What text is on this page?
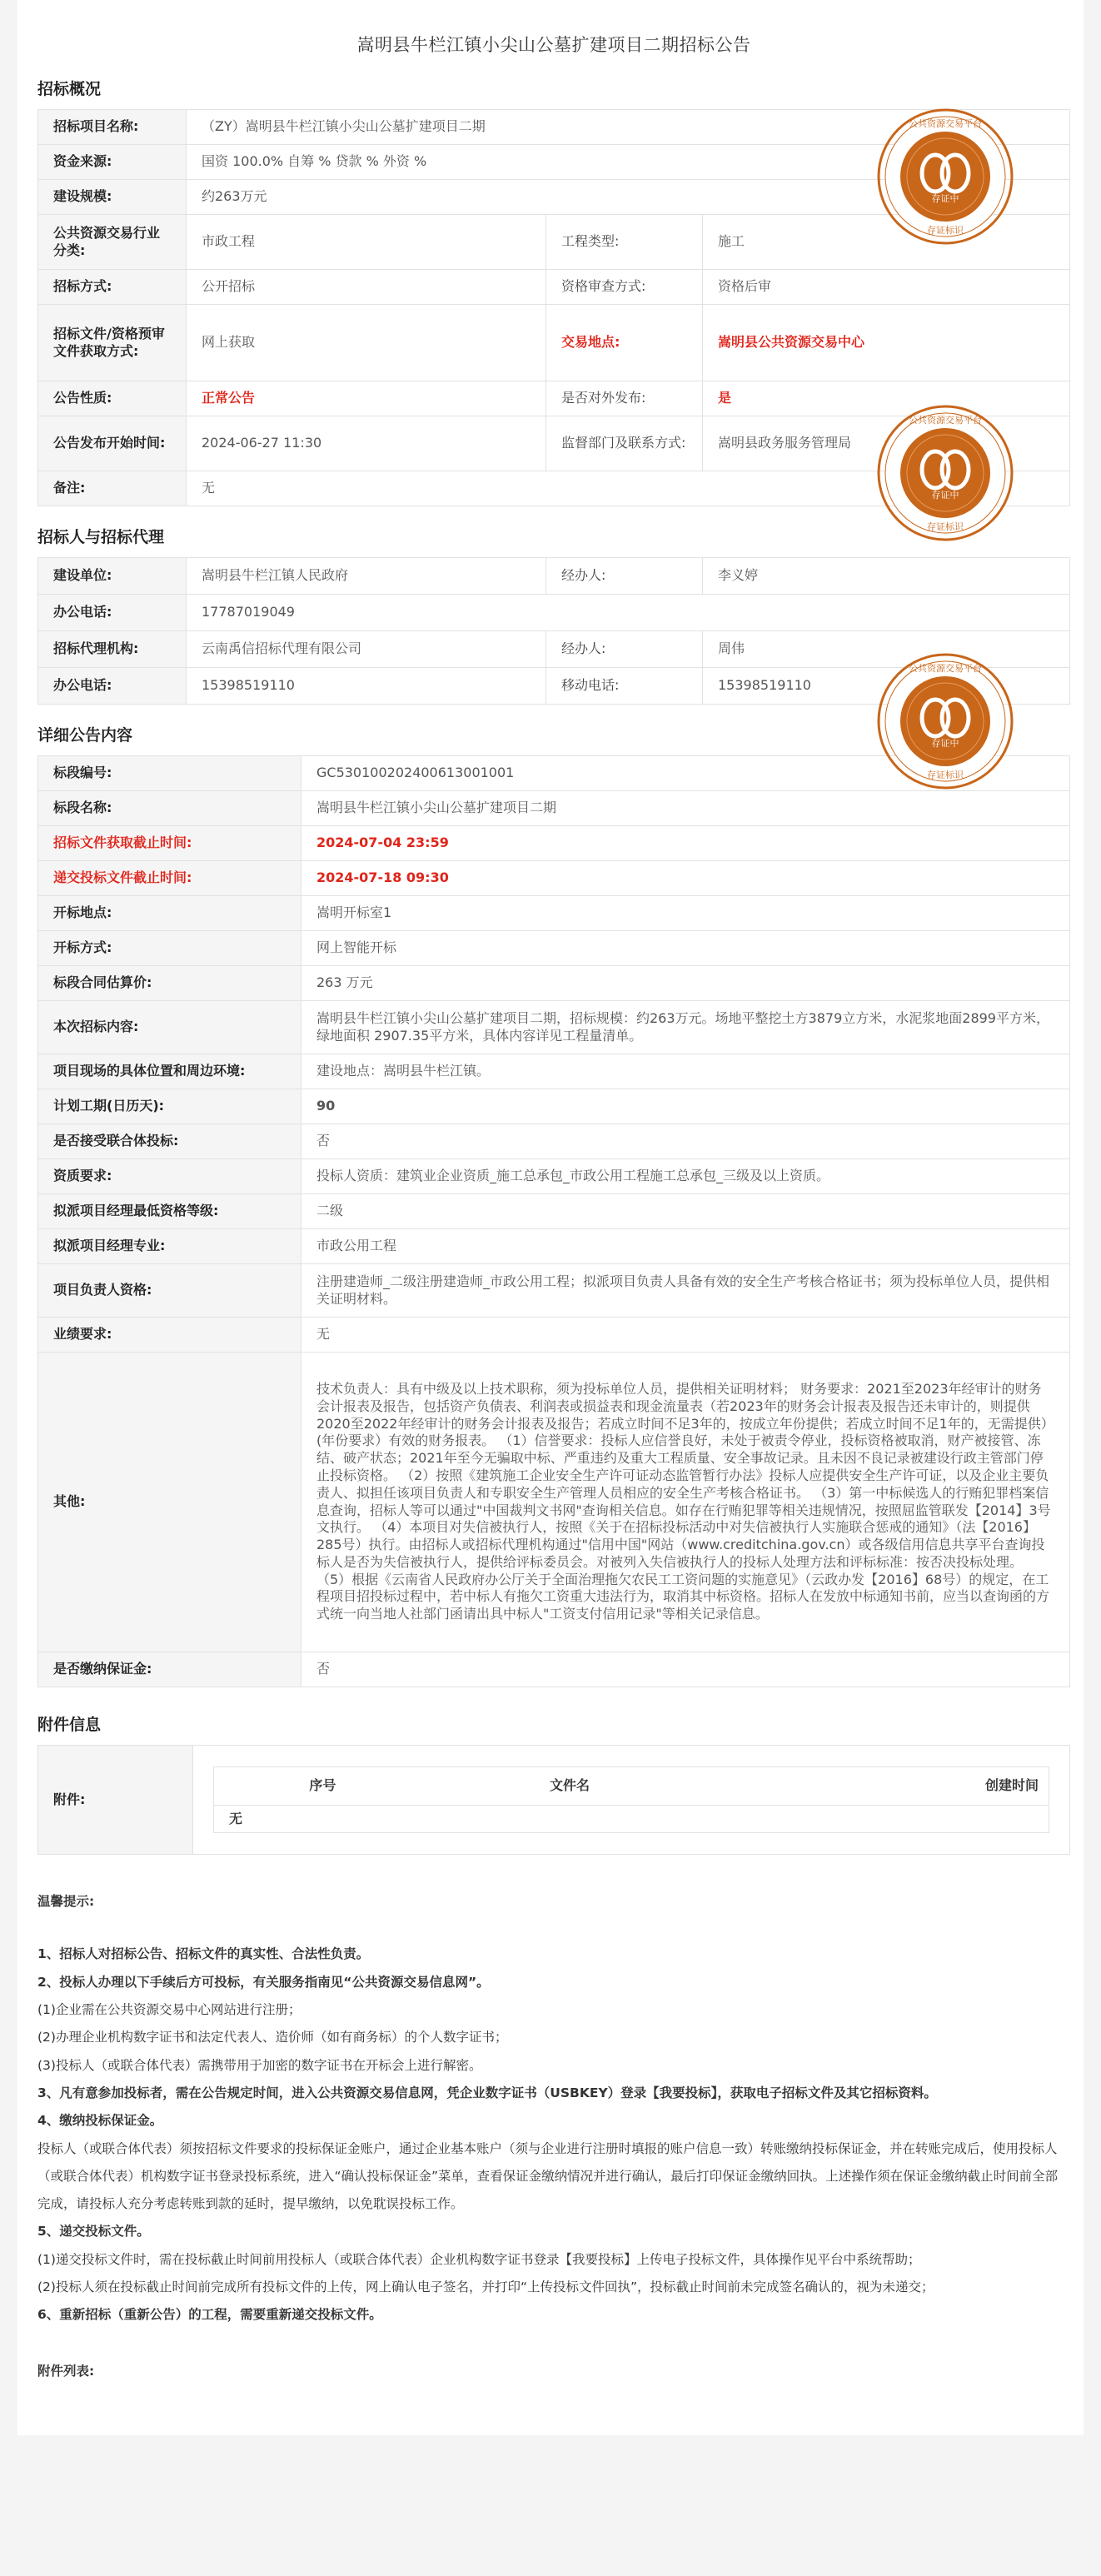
嵩明县牛栏江镇小尖山公墓扩建项目二期招标公告
招标概况
招标项目名称:	（ZY）嵩明县牛栏江镇小尖山公墓扩建项目二期		
资金来源:	国资 100.0% 自筹 % 贷款 % 外资 %		
建设规模:	约263万元		
公共资源交易行业分类:	市政工程	工程类型:	施工
招标方式:	公开招标	资格审查方式:	资格后审
招标文件/资格预审文件获取方式:	网上获取	交易地点:	嵩明县公共资源交易中心
公告性质:	正常公告	是否对外发布:	是
公告发布开始时间:	2024-06-27 11:30	监督部门及联系方式:	嵩明县政务服务管理局
备注:	无		
招标人与招标代理
建设单位:	嵩明县牛栏江镇人民政府	经办人:	李义婷
办公电话:	17787019049		
招标代理机构:	云南禹信招标代理有限公司	经办人:	周伟
办公电话:	15398519110	移动电话:	15398519110
详细公告内容
标段编号:	GC5301002024006130010​01
标段名称:	嵩明县牛栏江镇小尖山公墓扩建项目二期
招标文件获取截止时间:	2024-07-04 23:59
递交投标文件截止时间:	2024-07-18 09:30
开标地点:	嵩明开标室1
开标方式:	网上智能开标
标段合同估算价:	263 万元
本次招标内容:	嵩明县牛栏江镇小尖山公墓扩建项目二期，招标规模：约263万元。场地平整挖土方3879立方米，水泥浆地面2899平方米，绿地面积 2907.35平方米，具体内容详见工程量清单。
项目现场的具体位置和周边环境:	建设地点：嵩明县牛栏江镇。
计划工期(日历天):	90
是否接受联合体投标:	否
资质要求:	投标人资质：建筑业企业资质_施工总承包_市政公用工程施工总承包_三级及以上资质。
拟派项目经理最低资格等级:	二级
拟派项目经理专业:	市政公用工程
项目负责人资格:	注册建造师_二级注册建造师_市政公用工程；拟派项目负责人具备有效的安全生产考核合格证书；须为投标单位人员，提供相关证明材料。
业绩要求:	无
其他:	技术负责人：具有中级及以上技术职称，须为投标单位人员，提供相关证明材料； 财务要求：2021至2023年经审计的财务会计报表及报告，包括资产负债表、利润表或损益表和现金流量表（若2023年的财务会计报表及报告还未审计的，则提供2020至2022年经审计的财务会计报表及报告；若成立时间不足3年的，按成立年份提供；若成立时间不足1年的，无需提供）(年份要求）有效的财务报表。 （1）信誉要求：投标人应信誉良好，未处于被责令停业，投标资格被取消，财产被接管、冻结、破产状态；2021年至今无骗取中标、严重违约及重大工程质量、安全事故记录。且未因不良记录被建设行政主管部门停止投标资格。 （2）按照《建筑施工企业安全生产许可证动态监管暂行办法》投标人应提供安全生产许可证，以及企业主要负责人、拟担任该项目负责人和专职安全生产管理人员相应的安全生产考核合格证书。 （3）第一中标候选人的行贿犯罪档案信息查询，招标人等可以通过"中国裁判文书网"查询相关信息。如存在行贿犯罪等相关违规情况，按照屈监管联发【2014】3号文执行。 （4）本项目对失信被执行人，按照《关于在招标投标活动中对失信被执行人实施联合惩戒的通知》（法【2016】285号）执行。由招标人或招标代理机构通过"信用中国"网站（www.creditchina.gov.cn）或各级信用信息共享平台查询投标人是否为失信被执行人，提供给评标委员会。对被列入失信被执行人的投标人处理方法和评标标准：按否决投标处理。 （5）根据《云南省人民政府办公厅关于全面治理拖欠农民工工资问题的实施意见》（云政办发【2016】68号）的规定，在工程项目招投标过程中，若中标人有拖欠工资重大违法行为，取消其中标资格。招标人在发放中标通知书前，应当以查询函的方式统一向当地人社部门函请出具中标人"工资支付信用记录"等相关记录信息。
是否缴纳保证金:	否
附件信息
附件:	
序号	文件名	创建时间
无
温馨提示:

1、招标人对招标公告、招标文件的真实性、合法性负责。

2、投标人办理以下手续后方可投标，有关服务指南见“公共资源交易信息网”。

(1)企业需在公共资源交易中心网站进行注册；

(2)办理企业机构数字证书和法定代表人、造价师（如有商务标）的个人数字证书；

(3)投标人（或联合体代表）需携带用于加密的数字证书在开标会上进行解密。

3、凡有意参加投标者，需在公告规定时间，进入公共资源交易信息网，凭企业数字证书（USBKEY）登录【我要投标】，获取电子招标文件及其它招标资料。

4、缴纳投标保证金。

投标人（或联合体代表）须按招标文件要求的投标保证金账户，通过企业基本账户（须与企业进行注册时填报的账户信息一致）转账缴纳投标保证金，并在转账完成后，使用投标人（或联合体代表）机构数字证书登录投标系统，进入“确认投标保证金”菜单，查看保证金缴纳情况并进行确认，最后打印保证金缴纳回执。上述操作须在保证金缴纳截止时间前全部完成，请投标人充分考虑转账到款的延时，提早缴纳，以免耽误投标工作。

5、递交投标文件。

(1)递交投标文件时，需在投标截止时间前用投标人（或联合体代表）企业机构数字证书登录【我要投标】上传电子投标文件，具体操作见平台中系统帮助；

(2)投标人须在投标截止时间前完成所有投标文件的上传，网上确认电子签名，并打印“上传投标文件回执”，投标截止时间前未完成签名确认的，视为未递交；

6、重新招标（重新公告）的工程，需要重新递交投标文件。

附件列表:
存证中
存证标识
公共资源交易平台
存证中
存证标识
公共资源交易平台
存证中
存证标识
公共资源交易平台
